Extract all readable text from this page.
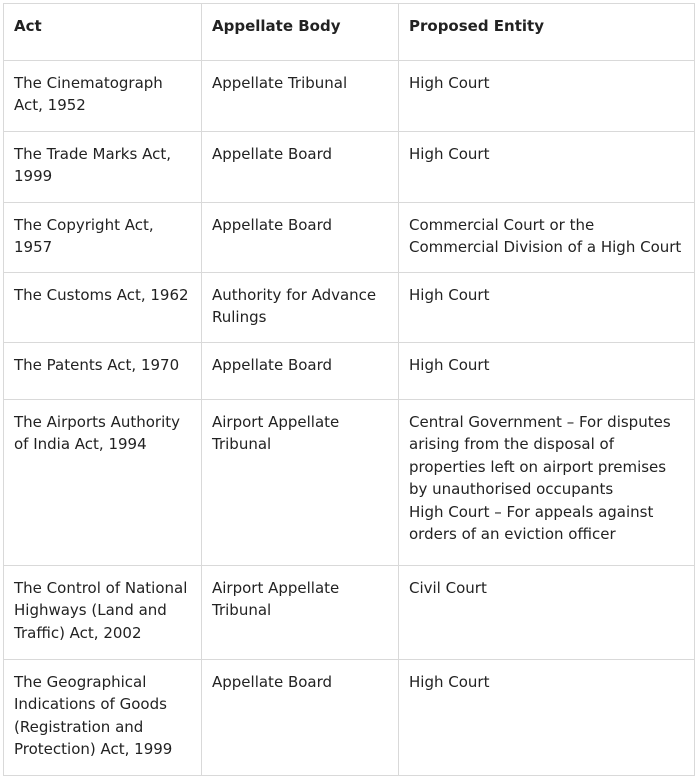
Act	Appellate Body	Proposed Entity
The Cinematograph Act, 1952	Appellate Tribunal	High Court

The Trade Marks Act, 1999	Appellate Board	High Court

The Copyright Act, 1957	Appellate Board	Commercial Court or the Commercial Division of a High Court

The Customs Act, 1962	Authority for Advance Rulings	High Court

The Patents Act, 1970	Appellate Board	High Court

The Airports Authority of India Act, 1994	Airport Appellate Tribunal	Central Government – For disputes arising from the disposal of properties left on airport premises by unauthorised occupants
High Court – For appeals against orders of an eviction officer

The Control of National Highways (Land and Traffic) Act, 2002	Airport Appellate Tribunal	Civil Court

The Geographical Indications of Goods (Registration and Protection) Act, 1999	Appellate Board	High Court
